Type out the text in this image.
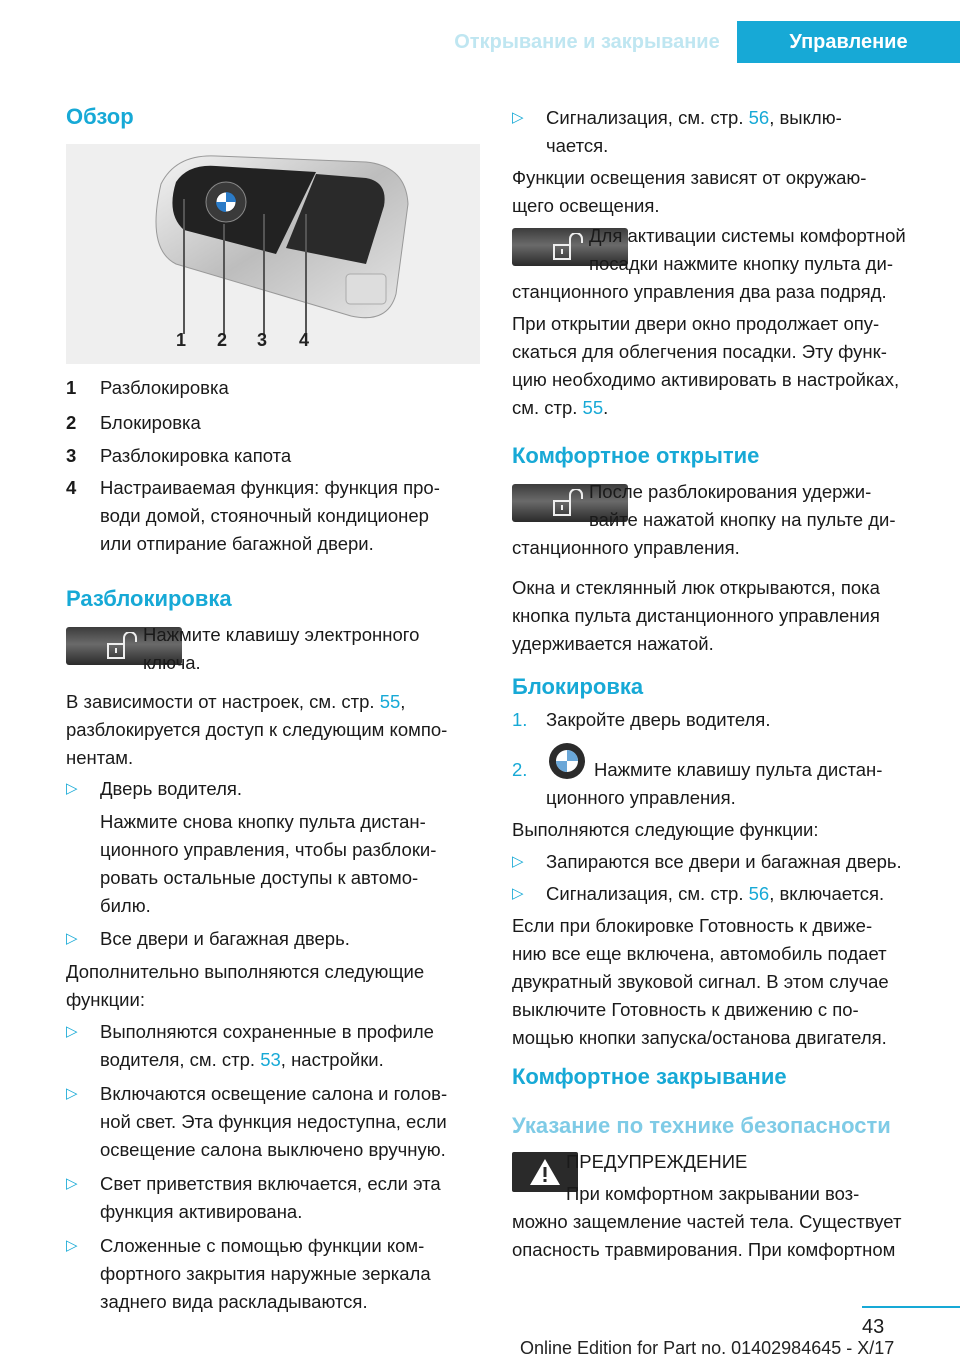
Открывание и закрывание	Управление
Обзор
1 2 3 4
1 Разблокировка

2 Блокировка

3 Разблокировка капота

4 Настраиваемая функция: функция про-

води домой, стояночный кондиционер

или отпирание багажной двери.

Разблокировка

Нажмите клавишу электронного

ключа.

В зависимости от настроек, см. стр. 55,

разблокируется доступ к следующим компо-

нентам.

▷ Дверь водителя.

Нажмите снова кнопку пульта дистан-

ционного управления, чтобы разблоки-

ровать остальные доступы к автомо-

билю.

▷ Все двери и багажная дверь.

Дополнительно выполняются следующие

функции:

▷ Выполняются сохраненные в профиле

водителя, см. стр. 53, настройки.

▷ Включаются освещение салона и голов-

ной свет. Эта функция недоступна, если

освещение салона выключено вручную.

▷ Свет приветствия включается, если эта

функция активирована.

▷ Сложенные с помощью функции ком-

фортного закрытия наружные зеркала

заднего вида раскладываются.

▷ Сигнализация, см. стр. 56, выклю-

чается.

Функции освещения зависят от окружаю-

щего освещения.

Для активации системы комфортной

посадки нажмите кнопку пульта ди-

станционного управления два раза подряд.

При открытии двери окно продолжает опу-

скаться для облегчения посадки. Эту функ-

цию необходимо активировать в настройках,

см. стр. 55.

Комфортное открытие

После разблокирования удержи-

вайте нажатой кнопку на пульте ди-

станционного управления.

Окна и стеклянный люк открываются, пока

кнопка пульта дистанционного управления

удерживается нажатой.

Блокировка
1. Закройте дверь водителя.

2.	Нажмите клавишу пульта дистан-

ционного управления.

Выполняются следующие функции:

▷ Запираются все двери и багажная дверь.

▷ Сигнализация, см. стр. 56, включается.

Если при блокировке Готовность к движе-

нию все еще включена, автомобиль подает

двукратный звуковой сигнал. В этом случае

выключите Готовность к движению с по-

мощью кнопки запуска/останова двигателя.

Комфортное закрывание
Указание по технике безопасности

ПРЕДУПРЕЖДЕНИЕ

При комфортном закрывании воз-

можно защемление частей тела. Существует

опасность травмирования. При комфортном

43
Online Edition for Part no. 01402984645 - X/17
